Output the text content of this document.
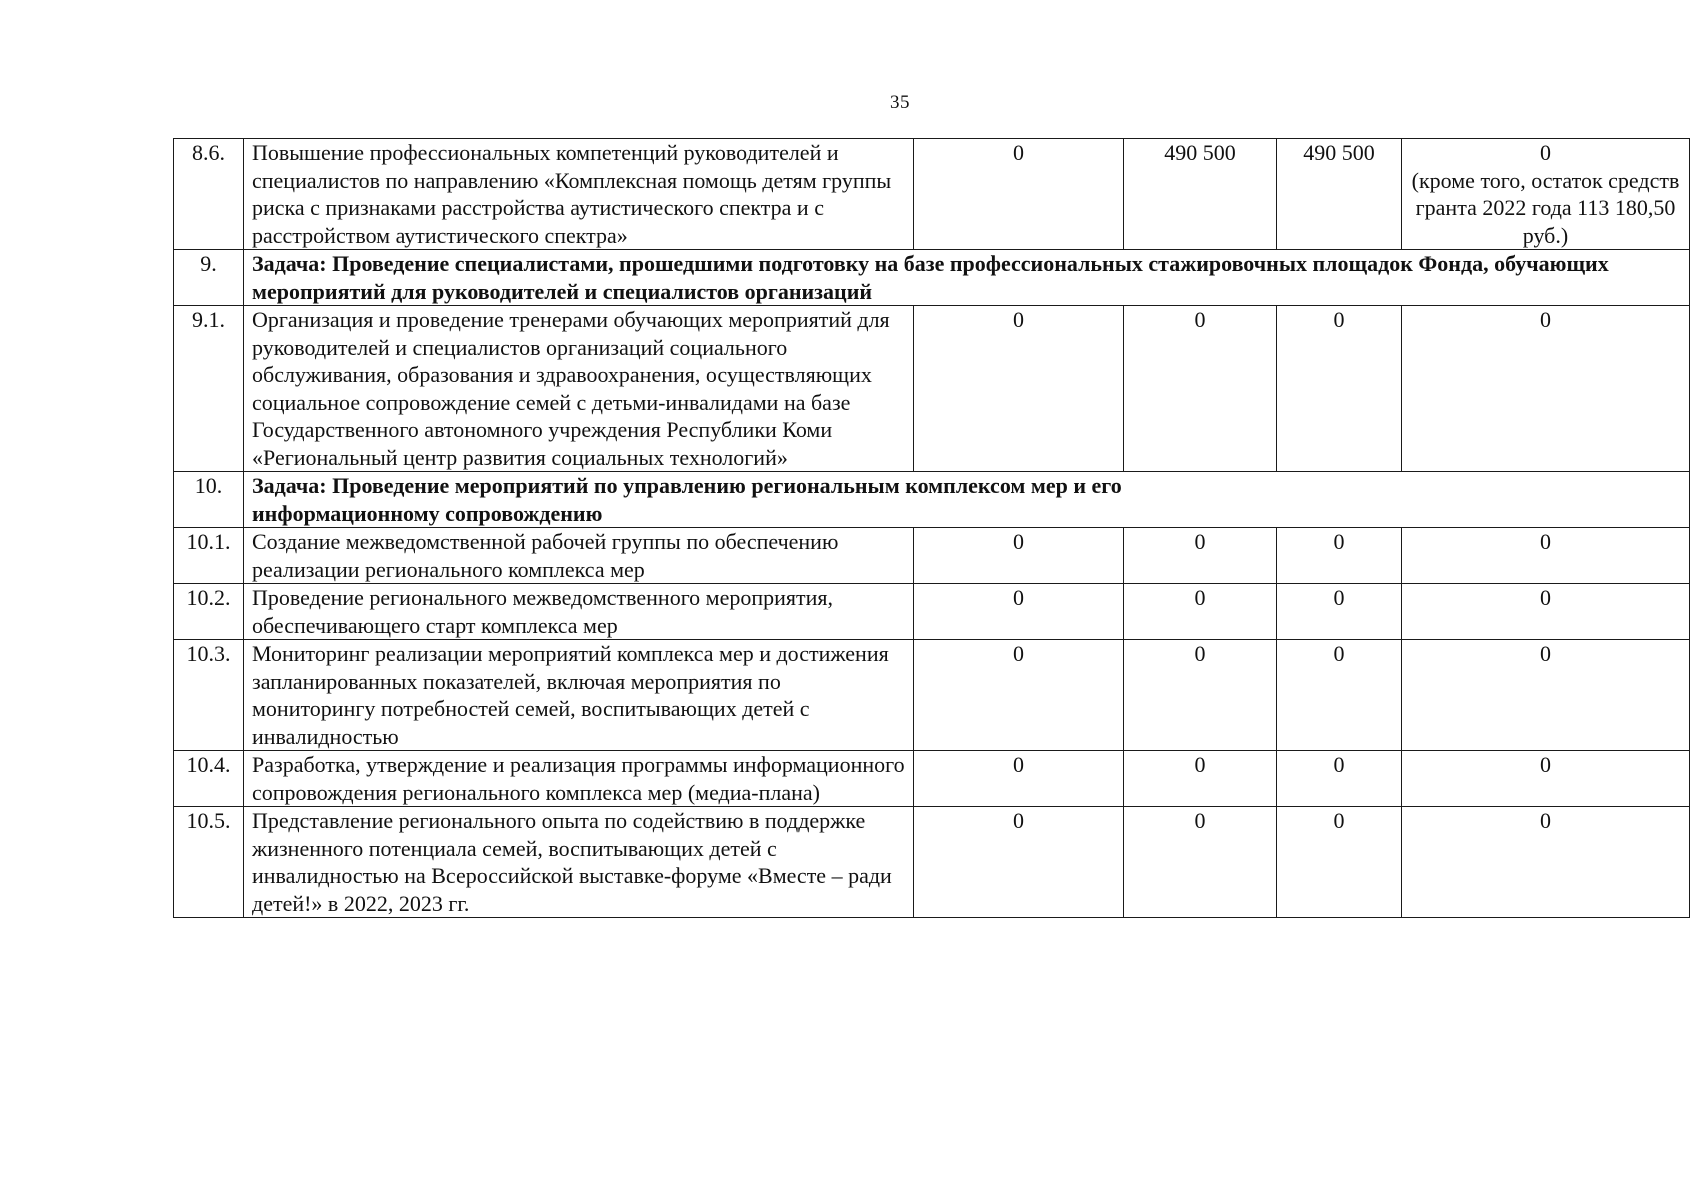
35
8.6.	Повышение профессиональных компетенций руководителей и специалистов по направлению «Комплексная помощь детям группы риска с признаками расстройства аутистического спектра и с расстройством аутистического спектра»	0	490 500	490 500	0
(кроме того, остаток средств гранта 2022 года 113 180,50 руб.)

9.	Задача: Проведение специалистами, прошедшими подготовку на базе профессиональных стажировочных площадок Фонда, обучающих мероприятий для руководителей и специалистов организаций				
9.1.	Организация и проведение тренерами обучающих мероприятий для руководителей и специалистов организаций социального обслуживания, образования и здравоохранения, осуществляющих социальное сопровождение семей с детьми-инвалидами на базе Государственного автономного учреждения Республики Коми «Региональный центр развития социальных технологий»	0	0	0	0
10.	Задача: Проведение мероприятий по управлению региональным комплексом мер и его информационному сопровождению				
10.1.	Создание межведомственной рабочей группы по обеспечению реализации регионального комплекса мер	0	0	0	0
10.2.	Проведение регионального межведомственного мероприятия, обеспечивающего старт комплекса мер	0	0	0	0
10.3.	Мониторинг реализации мероприятий комплекса мер и достижения запланированных показателей, включая мероприятия по мониторингу потребностей семей, воспитывающих детей с инвалидностью	0	0	0	0
10.4.	Разработка, утверждение и реализация программы информационного сопровождения регионального комплекса мер (медиа-плана)	0	0	0	0
10.5.	Представление регионального опыта по содействию в поддержке жизненного потенциала семей, воспитывающих детей с инвалидностью на Всероссийской выставке-форуме «Вместе – ради детей!» в 2022, 2023 гг.	0	0	0	0
